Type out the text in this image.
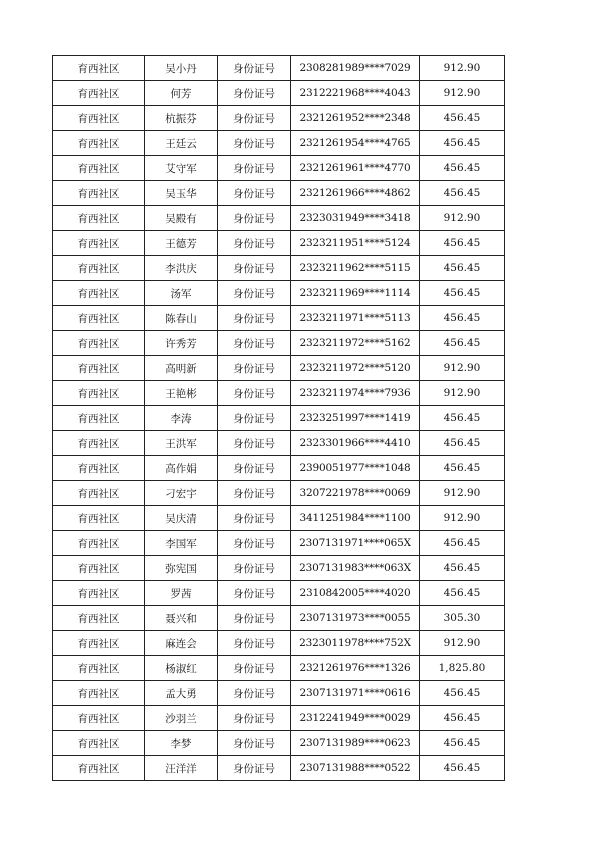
育西社区	吴小丹	身份证号	2308281989****7029	912.90
育西社区	何芳	身份证号	2312221968****4043	912.90
育西社区	杭振芬	身份证号	2321261952****2348	456.45
育西社区	王廷云	身份证号	2321261954****4765	456.45
育西社区	艾守军	身份证号	2321261961****4770	456.45
育西社区	吴玉华	身份证号	2321261966****4862	456.45
育西社区	吴殿有	身份证号	2323031949****3418	912.90
育西社区	王德芳	身份证号	2323211951****5124	456.45
育西社区	李洪庆	身份证号	2323211962****5115	456.45
育西社区	汤军	身份证号	2323211969****1114	456.45
育西社区	陈春山	身份证号	2323211971****5113	456.45
育西社区	许秀芳	身份证号	2323211972****5162	456.45
育西社区	高明新	身份证号	2323211972****5120	912.90
育西社区	王艳彬	身份证号	2323211974****7936	912.90
育西社区	李涛	身份证号	2323251997****1419	456.45
育西社区	王洪军	身份证号	2323301966****4410	456.45
育西社区	高作娟	身份证号	2390051977****1048	456.45
育西社区	刁宏宇	身份证号	3207221978****0069	912.90
育西社区	吴庆清	身份证号	3411251984****1100	912.90
育西社区	李国军	身份证号	2307131971****065X	456.45
育西社区	弥宪国	身份证号	2307131983****063X	456.45
育西社区	罗茜	身份证号	2310842005****4020	456.45
育西社区	聂兴和	身份证号	2307131973****0055	305.30
育西社区	麻连会	身份证号	2323011978****752X	912.90
育西社区	杨淑红	身份证号	2321261976****1326	1,825.80
育西社区	孟大勇	身份证号	2307131971****0616	456.45
育西社区	沙羽兰	身份证号	2312241949****0029	456.45
育西社区	李梦	身份证号	2307131989****0623	456.45
育西社区	汪洋洋	身份证号	2307131988****0522	456.45
